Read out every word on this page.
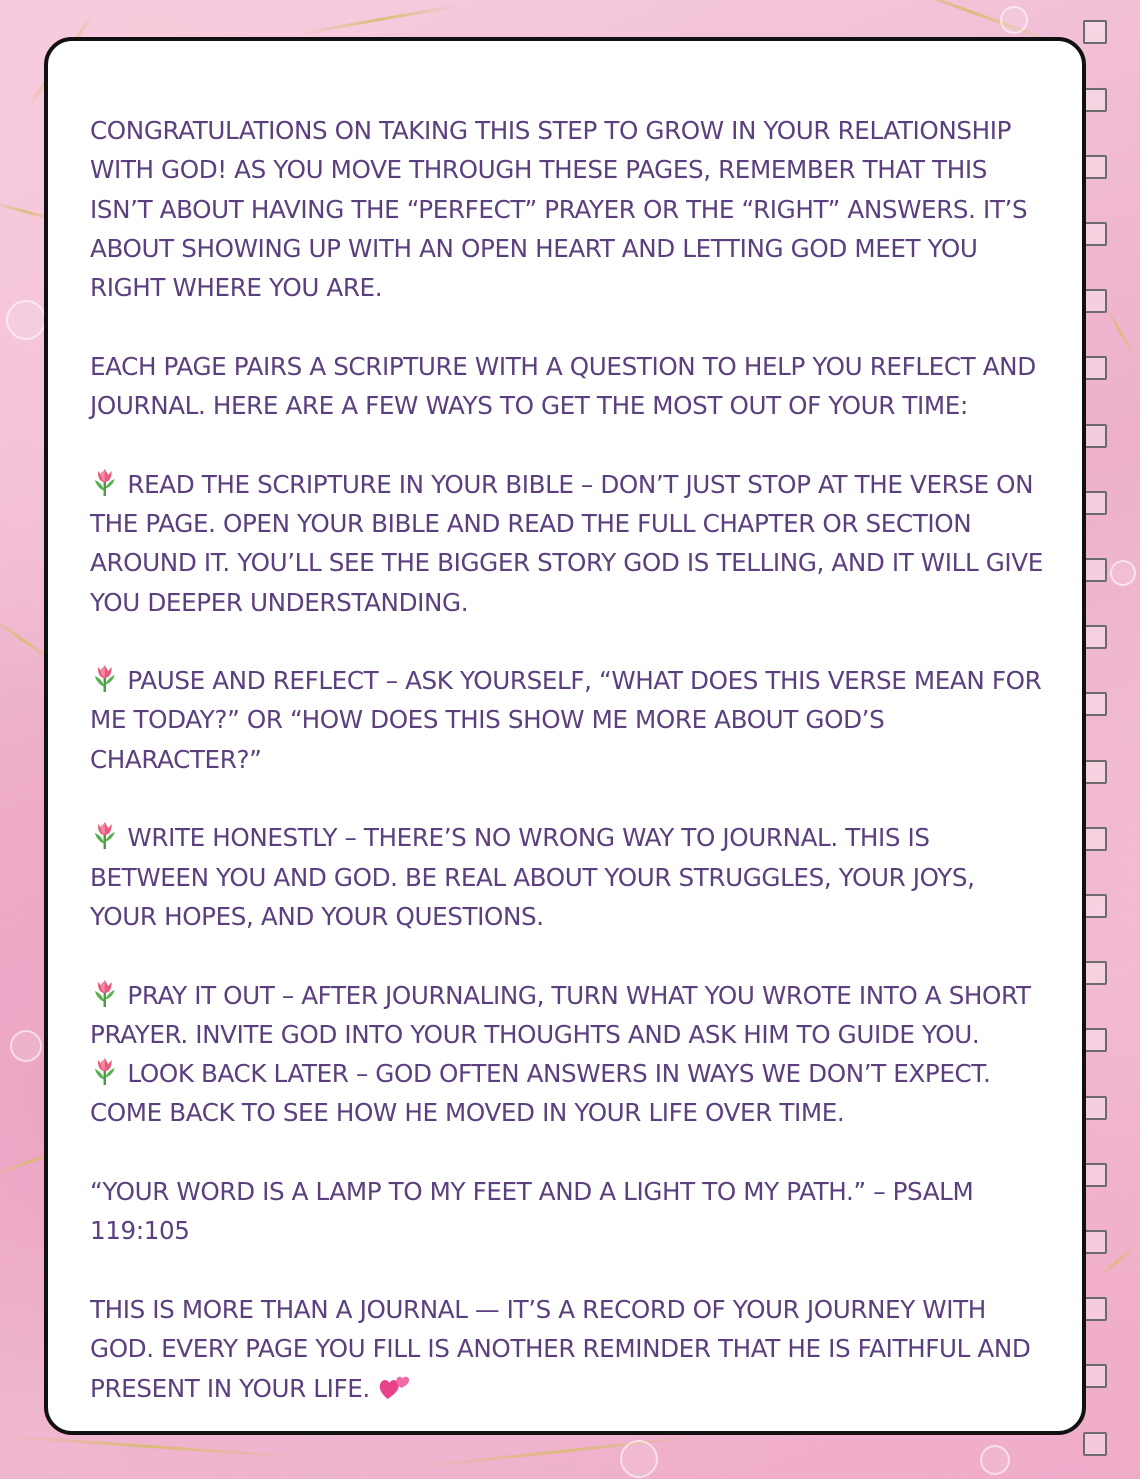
CONGRATULATIONS ON TAKING THIS STEP TO GROW IN YOUR RELATIONSHIP WITH GOD! AS YOU MOVE THROUGH THESE PAGES, REMEMBER THAT THIS ISN’T ABOUT HAVING THE “PERFECT” PRAYER OR THE “RIGHT” ANSWERS. IT’S ABOUT SHOWING UP WITH AN OPEN HEART AND LETTING GOD MEET YOU RIGHT WHERE YOU ARE.

EACH PAGE PAIRS A SCRIPTURE WITH A QUESTION TO HELP YOU REFLECT AND JOURNAL. HERE ARE A FEW WAYS TO GET THE MOST OUT OF YOUR TIME:

READ THE SCRIPTURE IN YOUR BIBLE – DON’T JUST STOP AT THE VERSE ON THE PAGE. OPEN YOUR BIBLE AND READ THE FULL CHAPTER OR SECTION AROUND IT. YOU’LL SEE THE BIGGER STORY GOD IS TELLING, AND IT WILL GIVE YOU DEEPER UNDERSTANDING.

PAUSE AND REFLECT – ASK YOURSELF, “WHAT DOES THIS VERSE MEAN FOR ME TODAY?” OR “HOW DOES THIS SHOW ME MORE ABOUT GOD’S CHARACTER?”

WRITE HONESTLY – THERE’S NO WRONG WAY TO JOURNAL. THIS IS BETWEEN YOU AND GOD. BE REAL ABOUT YOUR STRUGGLES, YOUR JOYS, YOUR HOPES, AND YOUR QUESTIONS.

PRAY IT OUT – AFTER JOURNALING, TURN WHAT YOU WROTE INTO A SHORT PRAYER. INVITE GOD INTO YOUR THOUGHTS AND ASK HIM TO GUIDE YOU.

LOOK BACK LATER – GOD OFTEN ANSWERS IN WAYS WE DON’T EXPECT. COME BACK TO SEE HOW HE MOVED IN YOUR LIFE OVER TIME.

“YOUR WORD IS A LAMP TO MY FEET AND A LIGHT TO MY PATH.” – PSALM 119:105

THIS IS MORE THAN A JOURNAL — IT’S A RECORD OF YOUR JOURNEY WITH GOD. EVERY PAGE YOU FILL IS ANOTHER REMINDER THAT HE IS FAITHFUL AND PRESENT IN YOUR LIFE.
